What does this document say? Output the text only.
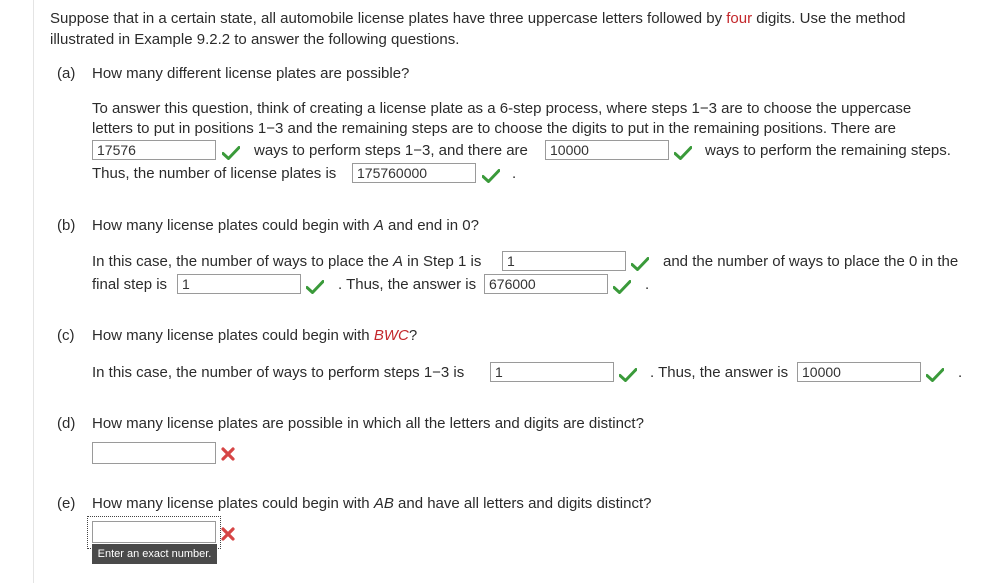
Suppose that in a certain state, all automobile license plates have three uppercase letters followed by four digits. Use the method illustrated in Example 9.2.2 to answer the following questions.
(a) How many different license plates are possible?
To answer this question, think of creating a license plate as a 6-step process, where steps 1−3 are to choose the uppercase
letters to put in positions 1−3 and the remaining steps are to choose the digits to put in the remaining positions. There are
17576
ways to perform steps 1−3, and there are
10000	ways to perform the remaining steps.
Thus, the number of license plates is
175760000	.
(b) How many license plates could begin with A and end in 0?
In this case, the number of ways to place the A in Step 1 is
1	and the number of ways to place the 0 in the
final step is
1	. Thus, the answer is
676000	.
(c) How many license plates could begin with BWC?
In this case, the number of ways to perform steps 1−3 is
1	. Thus, the answer is
10000	.
(d) How many license plates are possible in which all the letters and digits are distinct?
(e) How many license plates could begin with AB and have all letters and digits distinct?
Enter an exact number.
